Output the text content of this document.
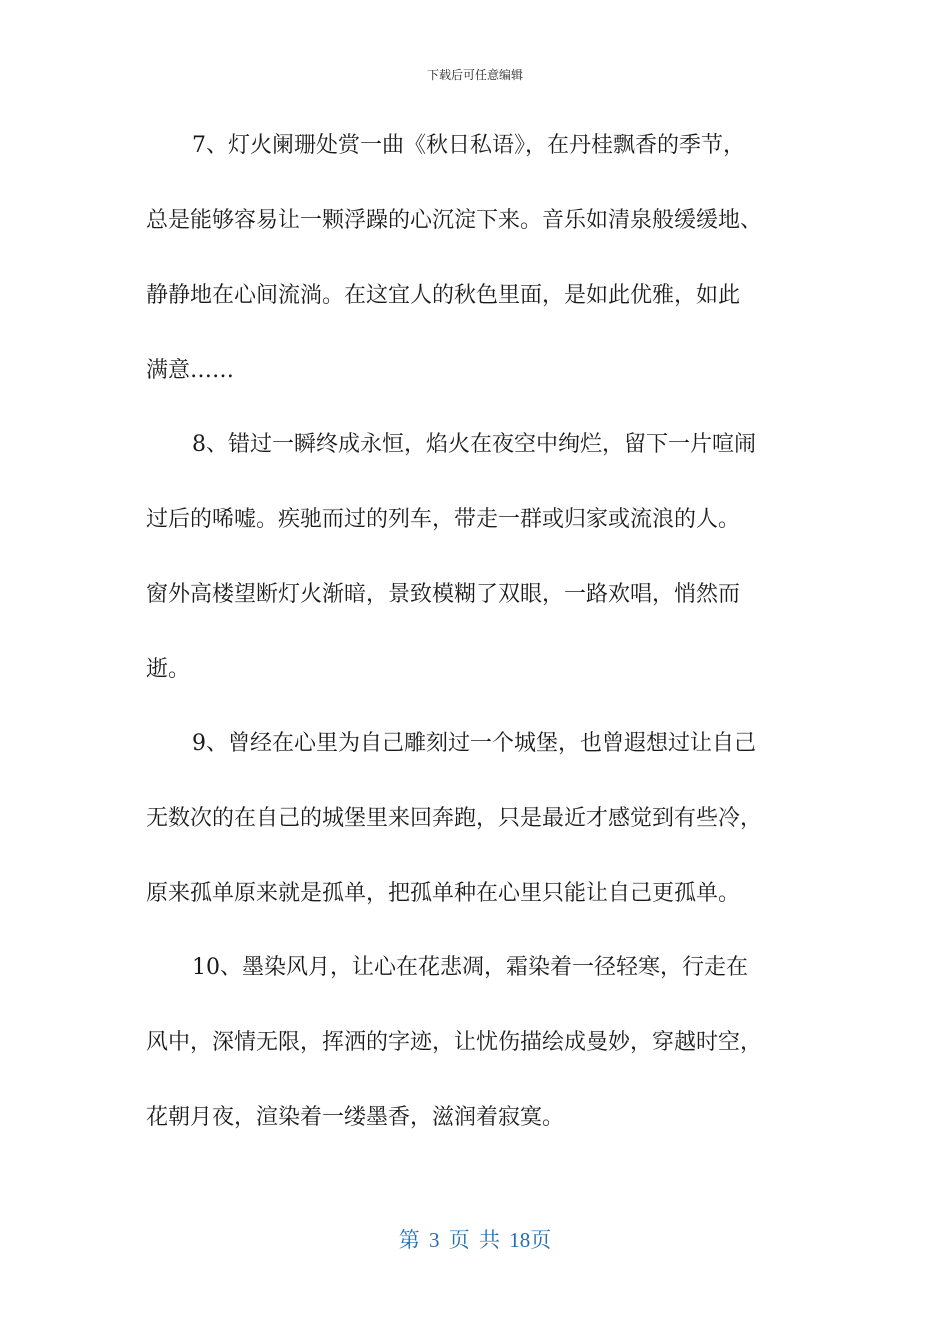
下载后可任意编辑
7、灯火阑珊处赏一曲《秋日私语》，在丹桂飘香的季节，
总是能够容易让一颗浮躁的心沉淀下来。音乐如清泉般缓缓地、
静静地在心间流淌。在这宜人的秋色里面，是如此优雅，如此
满意……
8、错过一瞬终成永恒，焰火在夜空中绚烂，留下一片喧闹
过后的唏嘘。疾驰而过的列车，带走一群或归家或流浪的人。
窗外高楼望断灯火渐暗，景致模糊了双眼，一路欢唱，悄然而
逝。
9、曾经在心里为自己雕刻过一个城堡，也曾遐想过让自己
无数次的在自己的城堡里来回奔跑，只是最近才感觉到有些冷，
原来孤单原来就是孤单，把孤单种在心里只能让自己更孤单。
10、墨染风月，让心在花悲凋，霜染着一径轻寒，行走在
风中，深情无限，挥洒的字迹，让忧伤描绘成曼妙，穿越时空，
花朝月夜，渲染着一缕墨香，滋润着寂寞。
第 3 页 共 18页
